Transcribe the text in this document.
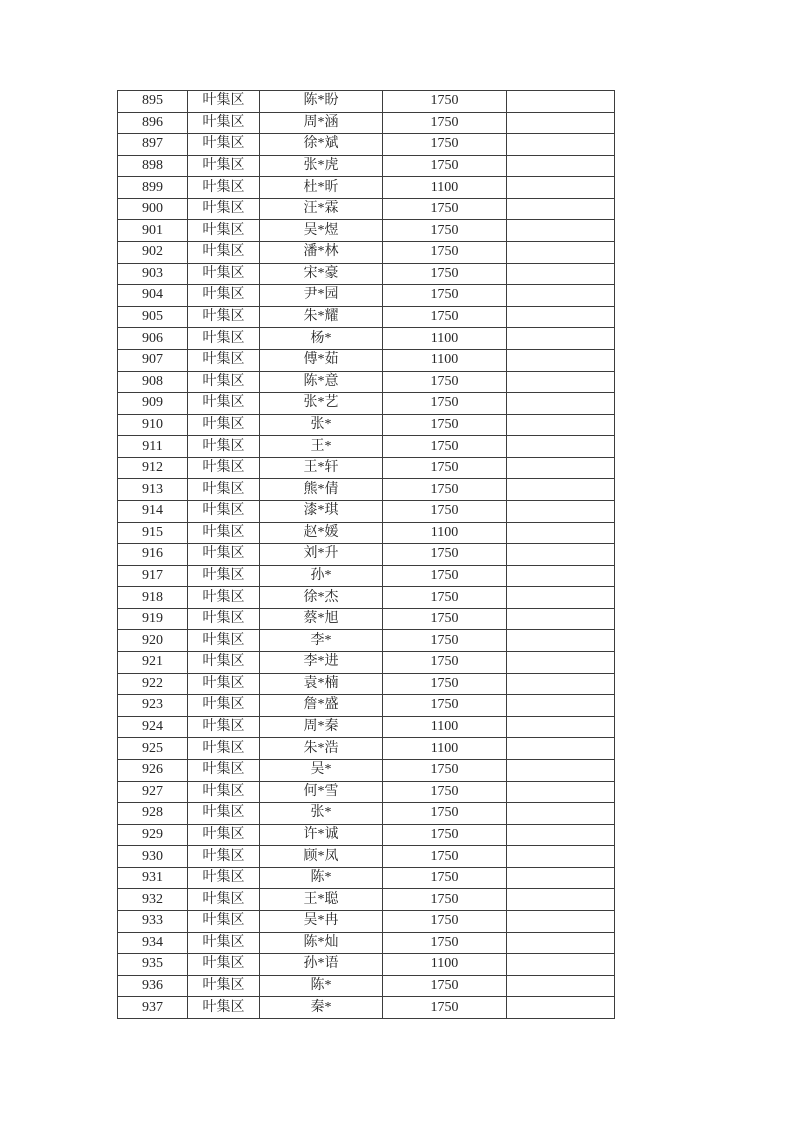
895	叶集区	陈*盼	1750	
896	叶集区	周*涵	1750	
897	叶集区	徐*斌	1750	
898	叶集区	张*虎	1750	
899	叶集区	杜*昕	1100	
900	叶集区	汪*霖	1750	
901	叶集区	吴*煜	1750	
902	叶集区	潘*林	1750	
903	叶集区	宋*豪	1750	
904	叶集区	尹*园	1750	
905	叶集区	朱*耀	1750	
906	叶集区	杨*	1100	
907	叶集区	傅*茹	1100	
908	叶集区	陈*意	1750	
909	叶集区	张*艺	1750	
910	叶集区	张*	1750	
911	叶集区	王*	1750	
912	叶集区	王*轩	1750	
913	叶集区	熊*倩	1750	
914	叶集区	漆*琪	1750	
915	叶集区	赵*媛	1100	
916	叶集区	刘*升	1750	
917	叶集区	孙*	1750	
918	叶集区	徐*杰	1750	
919	叶集区	蔡*旭	1750	
920	叶集区	李*	1750	
921	叶集区	李*进	1750	
922	叶集区	袁*楠	1750	
923	叶集区	詹*盛	1750	
924	叶集区	周*秦	1100	
925	叶集区	朱*浩	1100	
926	叶集区	吴*	1750	
927	叶集区	何*雪	1750	
928	叶集区	张*	1750	
929	叶集区	许*诚	1750	
930	叶集区	顾*凤	1750	
931	叶集区	陈*	1750	
932	叶集区	王*聪	1750	
933	叶集区	吴*冉	1750	
934	叶集区	陈*灿	1750	
935	叶集区	孙*语	1100	
936	叶集区	陈*	1750	
937	叶集区	秦*	1750	
